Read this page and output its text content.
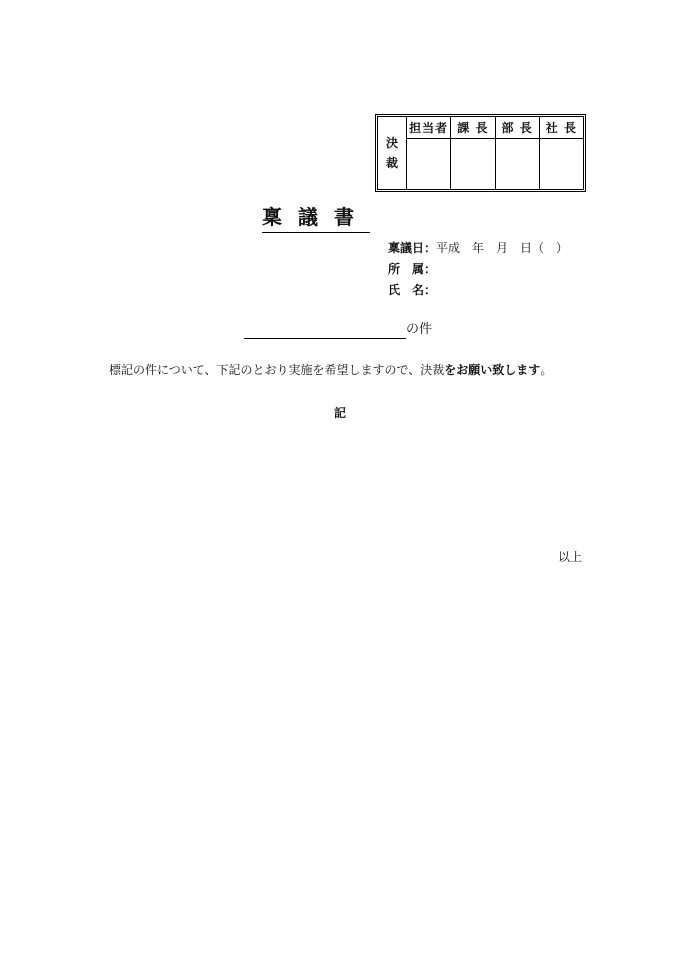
決
裁
担当者 課 長	部 長	社 長
稟議書
稟議日：平成　年　月　日（　）
所　属：
氏　名：
の件
標記の件について、下記のとおり実施を希望しますので、決裁をお願い致します。
記
以上
